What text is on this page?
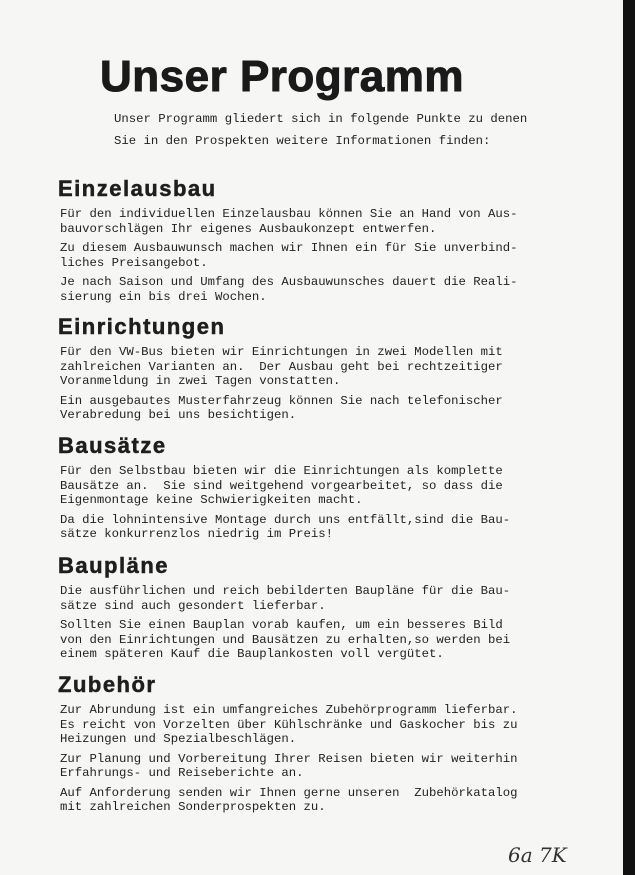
Unser Programm
Unser Programm gliedert sich in folgende Punkte zu denen
Sie in den Prospekten weitere Informationen finden:
Einzelausbau

Für den individuellen Einzelausbau können Sie an Hand von Aus-
bauvorschlägen Ihr eigenes Ausbaukonzept entwerfen.

Zu diesem Ausbauwunsch machen wir Ihnen ein für Sie unverbind-
liches Preisangebot.

Je nach Saison und Umfang des Ausbauwunsches dauert die Reali-
sierung ein bis drei Wochen.

Einrichtungen

Für den VW-Bus bieten wir Einrichtungen in zwei Modellen mit
zahlreichen Varianten an.  Der Ausbau geht bei rechtzeitiger
Voranmeldung in zwei Tagen vonstatten.

Ein ausgebautes Musterfahrzeug können Sie nach telefonischer
Verabredung bei uns besichtigen.

Bausätze

Für den Selbstbau bieten wir die Einrichtungen als komplette
Bausätze an.  Sie sind weitgehend vorgearbeitet, so dass die
Eigenmontage keine Schwierigkeiten macht.

Da die lohnintensive Montage durch uns entfällt,sind die Bau-
sätze konkurrenzlos niedrig im Preis!

Baupläne

Die ausführlichen und reich bebilderten Baupläne für die Bau-
sätze sind auch gesondert lieferbar.

Sollten Sie einen Bauplan vorab kaufen, um ein besseres Bild
von den Einrichtungen und Bausätzen zu erhalten,so werden bei
einem späteren Kauf die Bauplankosten voll vergütet.

Zubehör

Zur Abrundung ist ein umfangreiches Zubehörprogramm lieferbar.
Es reicht von Vorzelten über Kühlschränke und Gaskocher bis zu
Heizungen und Spezialbeschlägen.

Zur Planung und Vorbereitung Ihrer Reisen bieten wir weiterhin
Erfahrungs- und Reiseberichte an.

Auf Anforderung senden wir Ihnen gerne unseren  Zubehörkatalog
mit zahlreichen Sonderprospekten zu.

6a 7K
